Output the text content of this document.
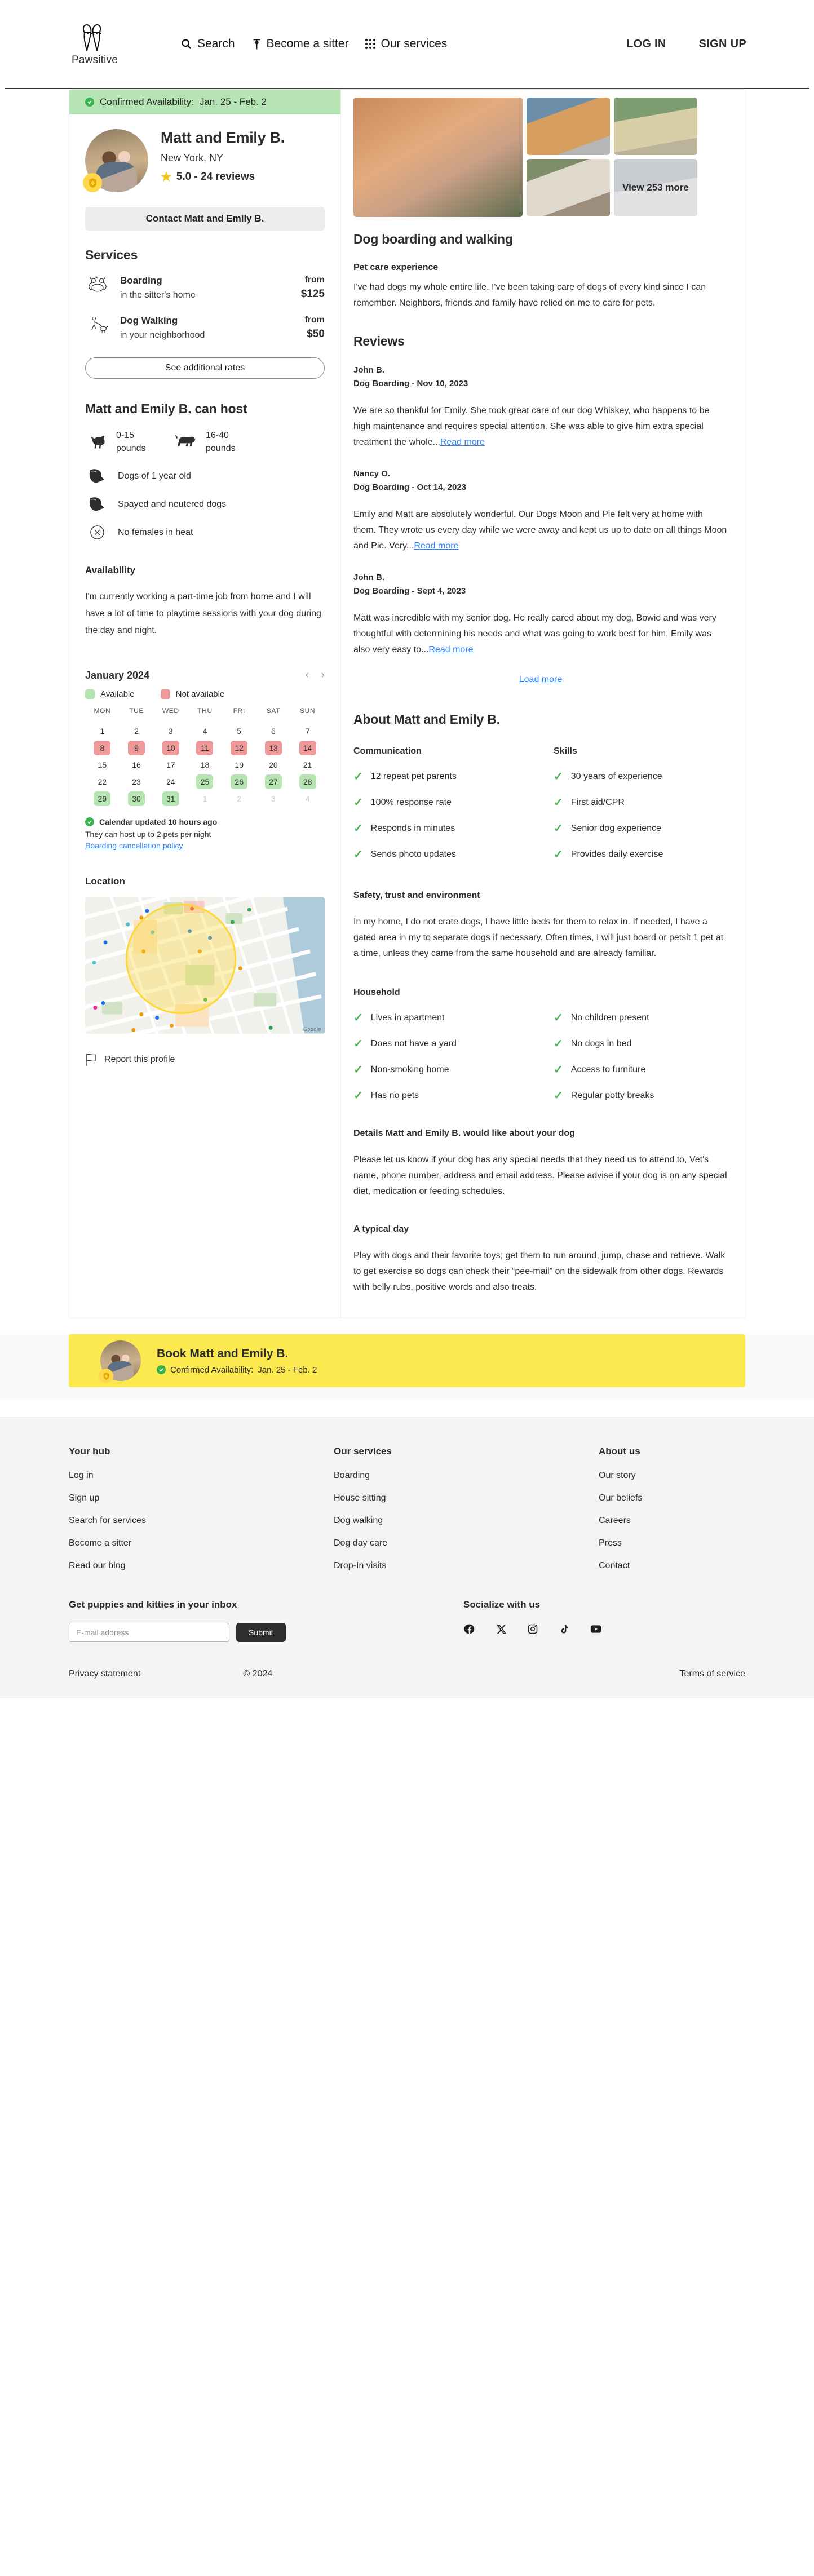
Pawsitive
Search	Become a sitter	Our services	LOG IN	SIGN UP
Confirmed Availability: Jan. 25 - Feb. 2
Matt and Emily B.
New York, NY
★ 5.0 - 24 reviews
Contact Matt and Emily B.
Services
Boarding
in the sitter's home
from
$125
Dog Walking
in your neighborhood
from
$50
See additional rates
Matt and Emily B. can host
0-15 pounds
16-40 pounds
Dogs of 1 year old
Spayed and neutered dogs
No females in heat
Availability
I'm currently working a part-time job from home and I will have a lot of time to playtime sessions with your dog during the day and night.
January 2024	‹ ›
Available	Not available
MON	TUE	WED	THU	FRI	SAT	SUN
1	2	3	4	5	6	7
8	9	10	11	12	13	14
15	16	17	18	19	20	21
22	23	24	25	26	27	28
29	30	31	1	2	3	4
Calendar updated 10 hours ago
They can host up to 2 pets per night
Boarding cancellation policy
Location
Google
Report this profile
View 253 more
Dog boarding and walking
Pet care experience

I've had dogs my whole entire life. I've been taking care of dogs of every kind since I can remember. Neighbors, friends and family have relied on me to care for pets.

Reviews
John B.
Dog Boarding - Nov 10, 2023

We are so thankful for Emily. She took great care of our dog Whiskey, who happens to be high maintenance and requires special attention. She was able to give him extra special treatment the whole...Read more

Nancy O.
Dog Boarding - Oct 14, 2023

Emily and Matt are absolutely wonderful. Our Dogs Moon and Pie felt very at home with them. They wrote us every day while we were away and kept us up to date on all things Moon and Pie. Very...Read more

John B.
Dog Boarding - Sept 4, 2023

Matt was incredible with my senior dog. He really cared about my dog, Bowie and was very thoughtful with determining his needs and what was going to work best for him. Emily was also very easy to...Read more

Load more
About Matt and Emily B.
Communication
✓ 12 repeat pet parents
✓ 100% response rate
✓ Responds in minutes
✓ Sends photo updates
Skills
✓ 30 years of experience
✓ First aid/CPR
✓ Senior dog experience
✓ Provides daily exercise
Safety, trust and environment

In my home, I do not crate dogs, I have little beds for them to relax in. If needed, I have a gated area in my to separate dogs if necessary. Often times, I will just board or petsit 1 pet at a time, unless they came from the same household and are already familiar.

Household
✓ Lives in apartment
✓ Does not have a yard
✓ Non-smoking home
✓ Has no pets
✓ No children present
✓ No dogs in bed
✓ Access to furniture
✓ Regular potty breaks
Details Matt and Emily B. would like about your dog

Please let us know if your dog has any special needs that they need us to attend to, Vet's name, phone number, address and email address. Please advise if your dog is on any special diet, medication or feeding schedules.

A typical day

Play with dogs and their favorite toys; get them to run around, jump, chase and retrieve. Walk to get exercise so dogs can check their “pee-mail” on the sidewalk from other dogs. Rewards with belly rubs, positive words and also treats.

Book Matt and Emily B.
Confirmed Availability: Jan. 25 - Feb. 2
Your hub
Log in
Sign up
Search for services
Become a sitter
Read our blog
Our services
Boarding
House sitting
Dog walking
Dog day care
Drop-In visits
About us
Our story
Our beliefs
Careers
Press
Contact
Get puppies and kitties in your inbox
E-mail address
Submit
Socialize with us
Privacy statement	© 2024	Terms of service
